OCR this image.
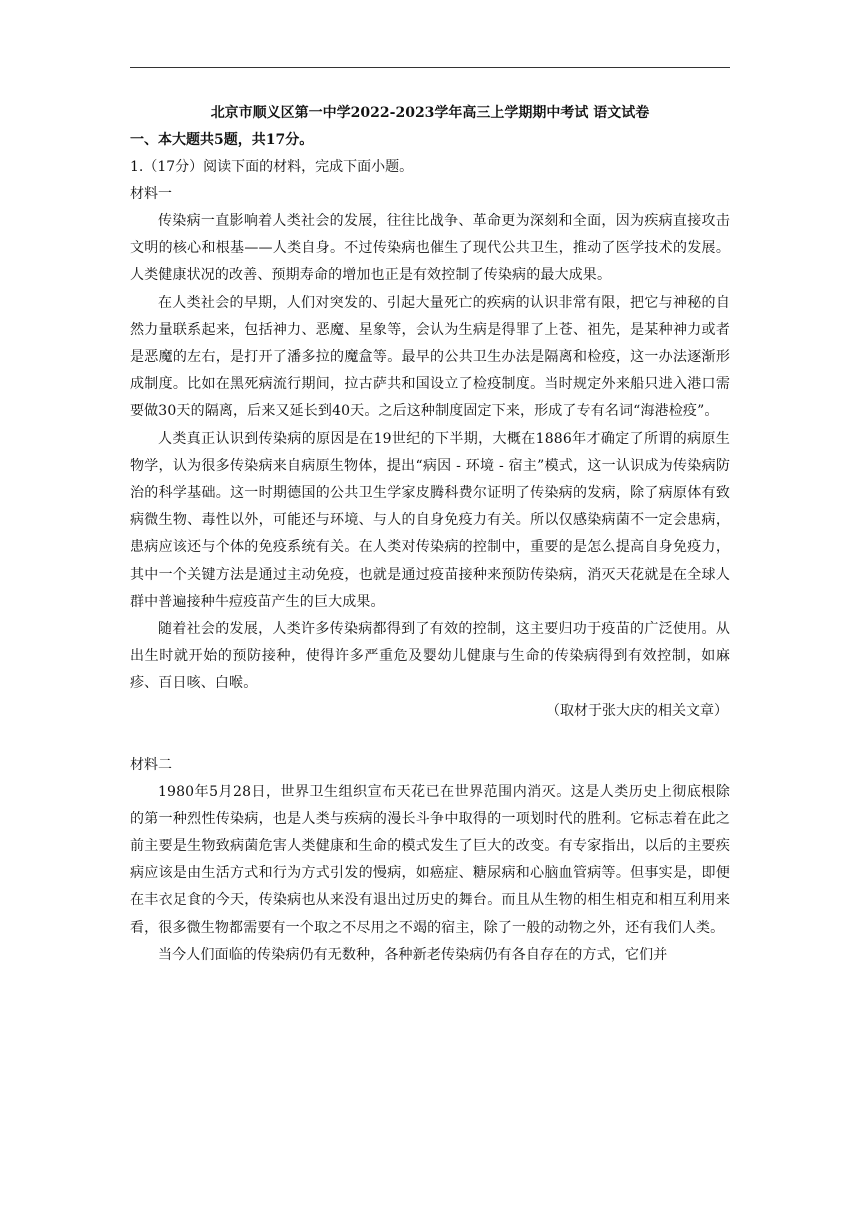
北京市顺义区第一中学2022-2023学年高三上学期期中考试 语文试卷

一、本大题共5题，共17分。

1.（17分）阅读下面的材料，完成下面小题。

材料一

传染病一直影响着人类社会的发展，往往比战争、革命更为深刻和全面，因为疾病直接攻击文明的核心和根基——人类自身。不过传染病也催生了现代公共卫生，推动了医学技术的发展。人类健康状况的改善、预期寿命的增加也正是有效控制了传染病的最大成果。

在人类社会的早期，人们对突发的、引起大量死亡的疾病的认识非常有限，把它与神秘的自然力量联系起来，包括神力、恶魔、星象等，会认为生病是得罪了上苍、祖先，是某种神力或者是恶魔的左右，是打开了潘多拉的魔盒等。最早的公共卫生办法是隔离和检疫，这一办法逐渐形成制度。比如在黑死病流行期间，拉古萨共和国设立了检疫制度。当时规定外来船只进入港口需要做30天的隔离，后来又延长到40天。之后这种制度固定下来，形成了专有名词“海港检疫”。

人类真正认识到传染病的原因是在19世纪的下半期，大概在1886年才确定了所谓的病原生物学，认为很多传染病来自病原生物体，提出“病因 - 环境 - 宿主”模式，这一认识成为传染病防治的科学基础。这一时期德国的公共卫生学家皮腾科费尔证明了传染病的发病，除了病原体有致病微生物、毒性以外，可能还与环境、与人的自身免疫力有关。所以仅感染病菌不一定会患病，患病应该还与个体的免疫系统有关。在人类对传染病的控制中，重要的是怎么提高自身免疫力，其中一个关键方法是通过主动免疫，也就是通过疫苗接种来预防传染病，消灭天花就是在全球人群中普遍接种牛痘疫苗产生的巨大成果。

随着社会的发展，人类许多传染病都得到了有效的控制，这主要归功于疫苗的广泛使用。从出生时就开始的预防接种，使得许多严重危及婴幼儿健康与生命的传染病得到有效控制，如麻疹、百日咳、白喉。

（取材于张大庆的相关文章）

材料二

1980年5月28日，世界卫生组织宣布天花已在世界范围内消灭。这是人类历史上彻底根除的第一种烈性传染病，也是人类与疾病的漫长斗争中取得的一项划时代的胜利。它标志着在此之前主要是生物致病菌危害人类健康和生命的模式发生了巨大的改变。有专家指出，以后的主要疾病应该是由生活方式和行为方式引发的慢病，如癌症、糖尿病和心脑血管病等。但事实是，即便在丰衣足食的今天，传染病也从来没有退出过历史的舞台。而且从生物的相生相克和相互利用来看，很多微生物都需要有一个取之不尽用之不竭的宿主，除了一般的动物之外，还有我们人类。

当今人们面临的传染病仍有无数种，各种新老传染病仍有各自存在的方式，它们并
